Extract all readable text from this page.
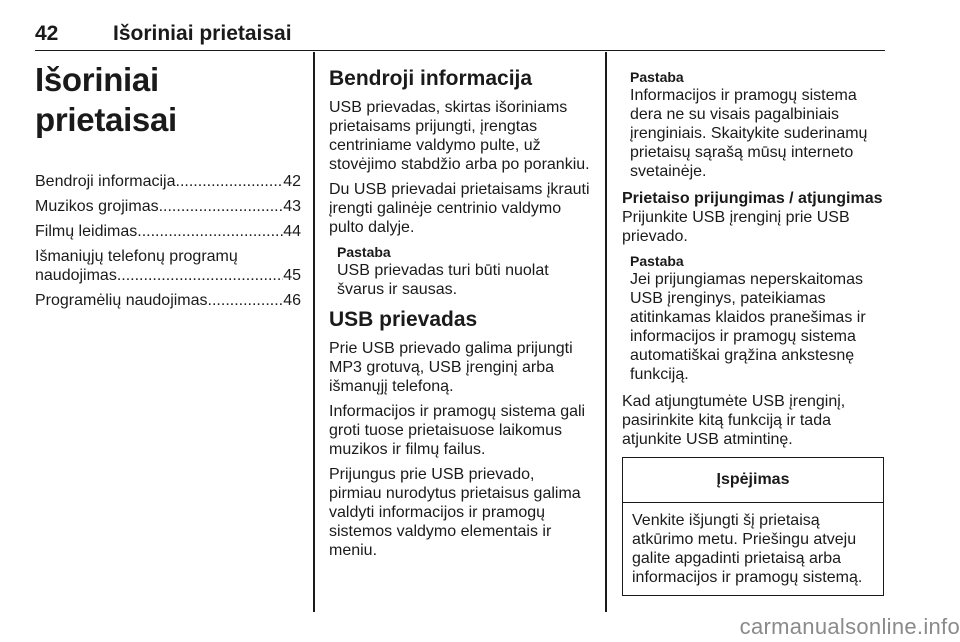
42	Išoriniai prietaisai
Išoriniai prietaisai
Bendroji informacija .....	42
Muzikos grojimas .....	43
Filmų leidimas .....	44
Išmaniųjų telefonų programų
naudojimas .....	45
Programėlių naudojimas .....	46
Bendroji informacija

USB prievadas, skirtas išoriniams prietaisams prijungti, įrengtas centriniame valdymo pulte, už stovėjimo stabdžio arba po porankiu.

Du USB prievadai prietaisams įkrauti įrengti galinėje centrinio valdymo pulto dalyje.

Pastaba
USB prievadas turi būti nuolat švarus ir sausas.
USB prievadas

Prie USB prievado galima prijungti MP3 grotuvą, USB įrenginį arba išmanųjį telefoną.

Informacijos ir pramogų sistema gali groti tuose prietaisuose laikomus muzikos ir filmų failus.

Prijungus prie USB prievado, pirmiau nurodytus prietaisus galima valdyti informacijos ir pramogų sistemos valdymo elementais ir meniu.

Pastaba
Informacijos ir pramogų sistema dera ne su visais pagalbiniais įrenginiais. Skaitykite suderinamų prietaisų sąrašą mūsų interneto svetainėje.
Prietaiso prijungimas / atjungimas

Prijunkite USB įrenginį prie USB prievado.

Pastaba
Jei prijungiamas neperskaitomas USB įrenginys, pateikiamas atitinkamas klaidos pranešimas ir informacijos ir pramogų sistema automatiškai grąžina ankstesnę funkciją.

Kad atjungtumėte USB įrenginį, pasirinkite kitą funkciją ir tada atjunkite USB atmintinę.

Įspėjimas
Venkite išjungti šį prietaisą atkūrimo metu. Priešingu atveju galite apgadinti prietaisą arba informacijos ir pramogų sistemą.
carmanualsonline.info
